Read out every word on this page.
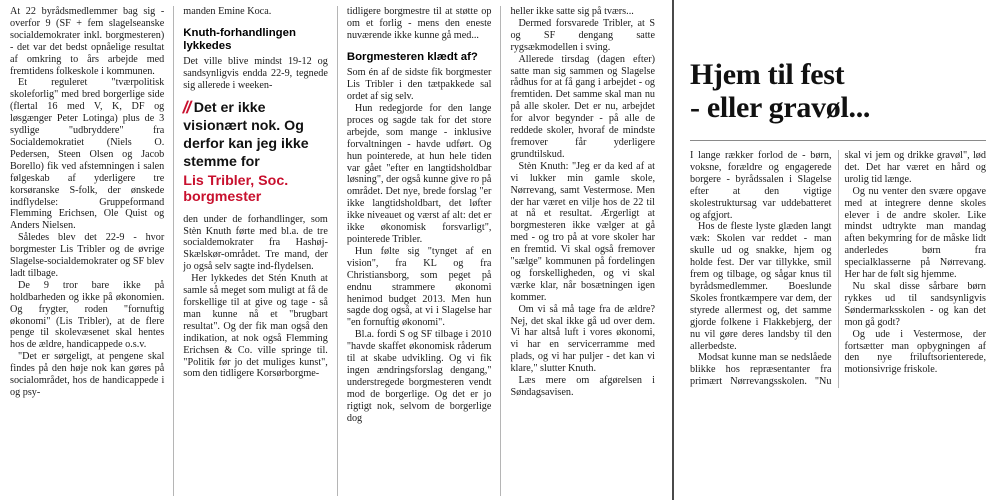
At 22 byrådsmedlemmer bag sig - overfor 9 (SF + fem slagelseanske socialdemokrater inkl. borgmesteren) - det var det bedst opnåelige resultat af omkring to års arbejde med fremtidens folkeskole i kommunen.

Et reguleret "tværpolitisk skoleforlig" med bred borgerlige side (flertal 16 med V, K, DF og løsgænger Peter Lotinga) plus de 3 sydlige "udbryddere" fra Socialdemokratiet (Niels O. Pedersen, Steen Olsen og Jacob Borello) fik ved afstemningen i salen følgeskab af yderligere tre korsøranske S-folk, der ønskede indflydelse: Gruppeformand Flemming Erichsen, Ole Quist og Anders Nielsen.

Således blev det 22-9 - hvor borgmester Lis Tribler og de øvrige Slagelse-socialdemokrater og SF blev ladt tilbage.

De 9 tror bare ikke på holdbarheden og ikke på økonomien. Og frygter, roden "fornuftig økonomi" (Lis Tribler), at de flere penge til skolevæsenet skal hentes hos de ældre, handicappede o.s.v.

"Det er sørgeligt, at pengene skal findes på den høje nok kan gøres på socialområdet, hos de handicappede i og psy-

manden Emine Koca.

Knuth-forhandlingen lykkedes

Det ville blive mindst 19-12 og sandsynligvis endda 22-9, tegnede sig allerede i weeken-

//Det er ikke visionært nok. Og derfor kan jeg ikke stemme for
Lis Tribler, Soc. borgmester

den under de forhandlinger, som Stèn Knuth førte med bl.a. de tre socialdemokrater fra Hashøj-Skælskør-området. Tre mand, der jo også selv sagte ind-flydelsen.

Her lykkedes det Stén Knuth at samle så meget som muligt at få de forskellige til at give og tage - så man kunne nå et "brugbart resultat". Og der fik man også den indikation, at nok også Flemming Erichsen & Co. ville springe til. "Politik før jo det muliges kunst", som den tidligere Korsørborgme-

tidligere borgmestre til at støtte op om et forlig - mens den eneste nuværende ikke kunne gå med...

Borgmesteren klædt af?

Som én af de sidste fik borgmester Lis Tribler i den tætpakkede sal ordet af sig selv.

Hun redegjorde for den lange proces og sagde tak for det store arbejde, som mange - inklusive forvaltningen - havde udført. Og hun pointerede, at hun hele tiden var gået "efter en langtidsholdbar løsning", der også kunne give ro på området. Det nye, brede forslag "er ikke langtidsholdbart, det løfter ikke niveauet og værst af alt: det er ikke økonomisk forsvarligt", pointerede Tribler.

Hun følte sig "tynget af en vision", fra KL og fra Christiansborg, som peget på endnu strammere økonomi henimod budget 2013. Men hun sagde dog også, at vi i Slagelse har "en fornuftig økonomi".

Bl.a. fordi S og SF tilbage i 2010 "havde skaffet økonomisk råderum til at skabe udvikling. Og vi fik ingen ændringsforslag dengang," understregede borgmesteren vendt mod de borgerlige. Og det er jo rigtigt nok, selvom de borgerlige dog

heller ikke satte sig på tværs...

Dermed forsvarede Tribler, at S og SF dengang satte rygsækmodellen i sving.

Allerede tirsdag (dagen efter) satte man sig sammen og Slagelse rådhus for at få gang i arbejdet - og fremtiden. Det samme skal man nu på alle skoler. Det er nu, arbejdet for alvor begynder - på alle de reddede skoler, hvoraf de mindste fremover får yderligere grundtilskud.

Stèn Knuth: "Jeg er da ked af at vi lukker min gamle skole, Nørrevang, samt Vestermose. Men der har været en vilje hos de 22 til at nå et resultat. Ærgerligt at borgmesteren ikke vælger at gå med - og tro på at vore skoler har en fremtid. Vi skal også fremover "sælge" kommunen på fordelingen og forskelligheden, og vi skal værke klar, når bosætningen igen kommer.

Om vi så må tage fra de ældre? Nej, det skal ikke gå ud over dem. Vi har altså luft i vores økonomi, vi har en servicerramme med plads, og vi har puljer - det kan vi klare," slutter Knuth.

Læs mere om afgørelsen i Søndagsavisen.

Hjem til fest
- eller gravøl...

I lange rækker forlod de - børn, voksne, forældre og engagerede borgere - byrådssalen i Slagelse efter at den vigtige skolestruktursag var uddebatteret og afgjort.

Hos de fleste lyste glæden langt væk: Skolen var reddet - man skulle ud og snakke, hjem og holde fest. Der var tillykke, smil frem og tilbage, og sågar knus til byrådsmedlemmer. Boeslunde Skoles frontkæmpere var dem, der styrede allermest og, det samme gjorde folkene i Flakkebjerg, der nu vil gøre deres landsby til den allerbedste.

Modsat kunne man se nedslåede blikke hos repræsentanter fra primært Nørrevangsskolen. "Nu skal vi jem og drikke gravøl", lød det. Det har været en hård og urolig tid længe.

Og nu venter den svære opgave med at integrere denne skoles elever i de andre skoler. Like mindst udtrykte man mandag aften bekymring for de måske lidt anderledes børn fra specialklasserne på Nørrevang. Her har de følt sig hjemme.

Nu skal disse sårbare børn rykkes ud til sandsynligvis Søndermarksskolen - og kan det mon gå godt?

Og ude i Vestermose, der fortsætter man opbygningen af den nye friluftsorienterede, motionsivrige friskole.
